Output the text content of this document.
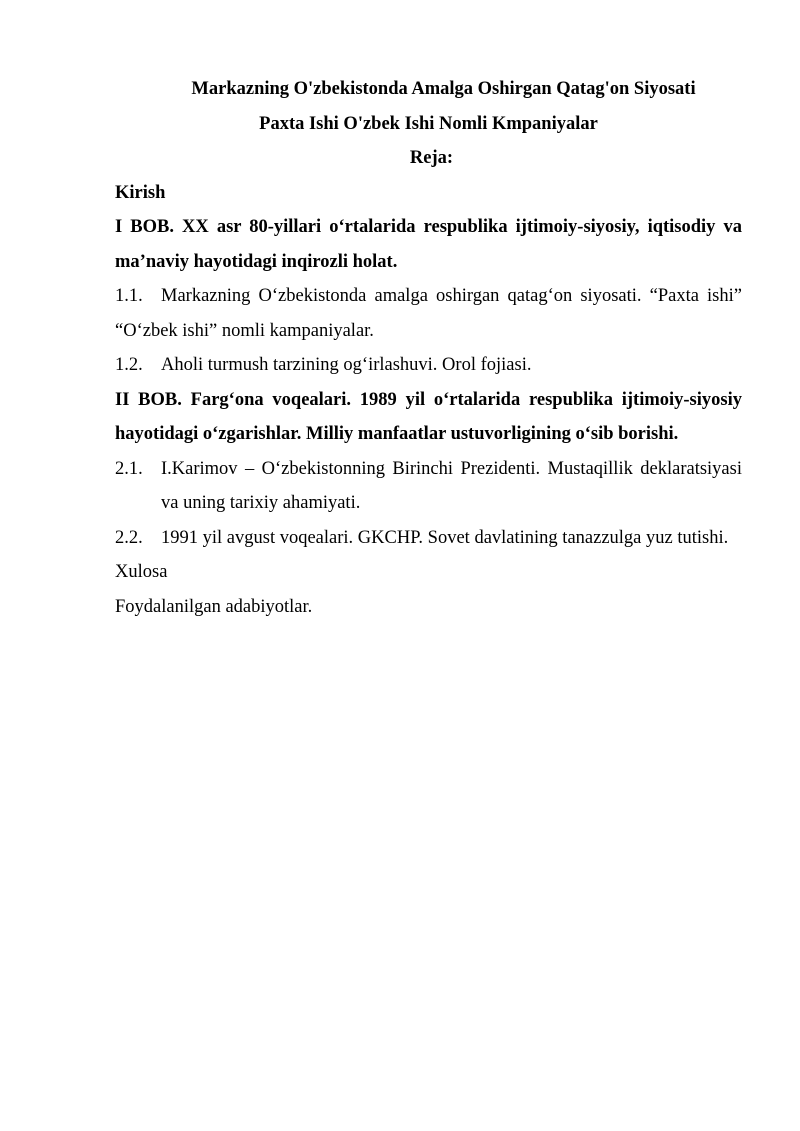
Markazning O'zbekistonda Amalga Oshirgan Qatag'on Siyosati

Paxta Ishi O'zbek Ishi Nomli Kmpaniyalar

Reja:

Kirish

I BOB. XX asr 80-yillari o‘rtalarida respublika ijtimoiy-siyosiy, iqtisodiy va ma’naviy hayotidagi inqirozli holat.

1.1. Markazning O‘zbekistonda amalga oshirgan qatag‘on siyosati. “Paxta ishi” “O‘zbek ishi” nomli kampaniyalar.

1.2. Aholi turmush tarzining og‘irlashuvi. Orol fojiasi.

II BOB. Farg‘ona voqealari. 1989 yil o‘rtalarida respublika ijtimoiy-siyosiy hayotidagi o‘zgarishlar. Milliy manfaatlar ustuvorligining o‘sib borishi.

2.1. I.Karimov – O‘zbekistonning Birinchi Prezidenti. Mustaqillik deklaratsiyasi va uning tarixiy ahamiyati.

2.2. 1991 yil avgust voqealari. GKCHP. Sovet davlatining tanazzulga yuz tutishi.

Xulosa

Foydalanilgan adabiyotlar.
